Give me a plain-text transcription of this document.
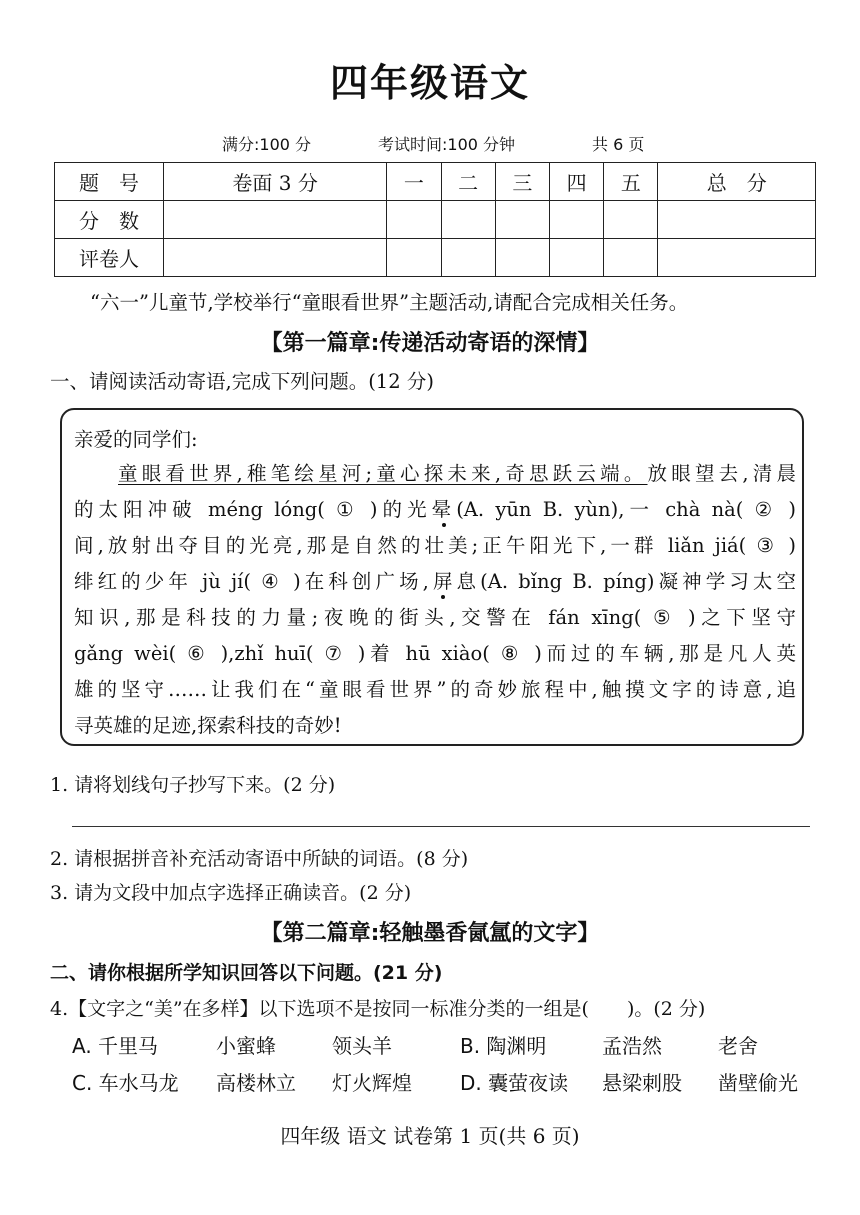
四年级语文
满分:100 分	考试时间:100 分钟	共 6 页
题　号	卷面 3 分	一	二	三	四	五	总　分
分　数							
评卷人							
“六一”儿童节,学校举行“童眼看世界”主题活动,请配合完成相关任务。
【第一篇章:传递活动寄语的深情】
一、请阅读活动寄语,完成下列问题。(12 分)
亲爱的同学们:
童眼看世界,稚笔绘星河;童心探未来,奇思跃云端。放眼望去,清晨
的太阳冲破 méng lóng( ① )的光晕(A. yūn B. yùn),一 chà nà( ② )
间,放射出夺目的光亮,那是自然的壮美;正午阳光下,一群 liǎn jiá( ③ )
绯红的少年 jù jí( ④ )在科创广场,屏息(A. bǐng B. píng)凝神学习太空
知识,那是科技的力量;夜晚的街头,交警在 fán xīng( ⑤ )之下坚守
gǎng wèi( ⑥ ),zhǐ huī( ⑦ )着 hū xiào( ⑧ )而过的车辆,那是凡人英
雄的坚守……让我们在“童眼看世界”的奇妙旅程中,触摸文字的诗意,追
寻英雄的足迹,探索科技的奇妙!
1. 请将划线句子抄写下来。(2 分)
2. 请根据拼音补充活动寄语中所缺的词语。(8 分)
3. 请为文段中加点字选择正确读音。(2 分)
【第二篇章:轻触墨香氤氲的文字】
二、请你根据所学知识回答以下问题。(21 分)
4.【文字之“美”在多样】以下选项不是按同一标准分类的一组是(　　)。(2 分)
A. 千里马	小蜜蜂	领头羊	B. 陶渊明	孟浩然	老舍
C. 车水马龙 高楼林立 灯火辉煌 D. 囊萤夜读 悬梁刺股 凿壁偷光
四年级 语文 试卷第 1 页(共 6 页)
